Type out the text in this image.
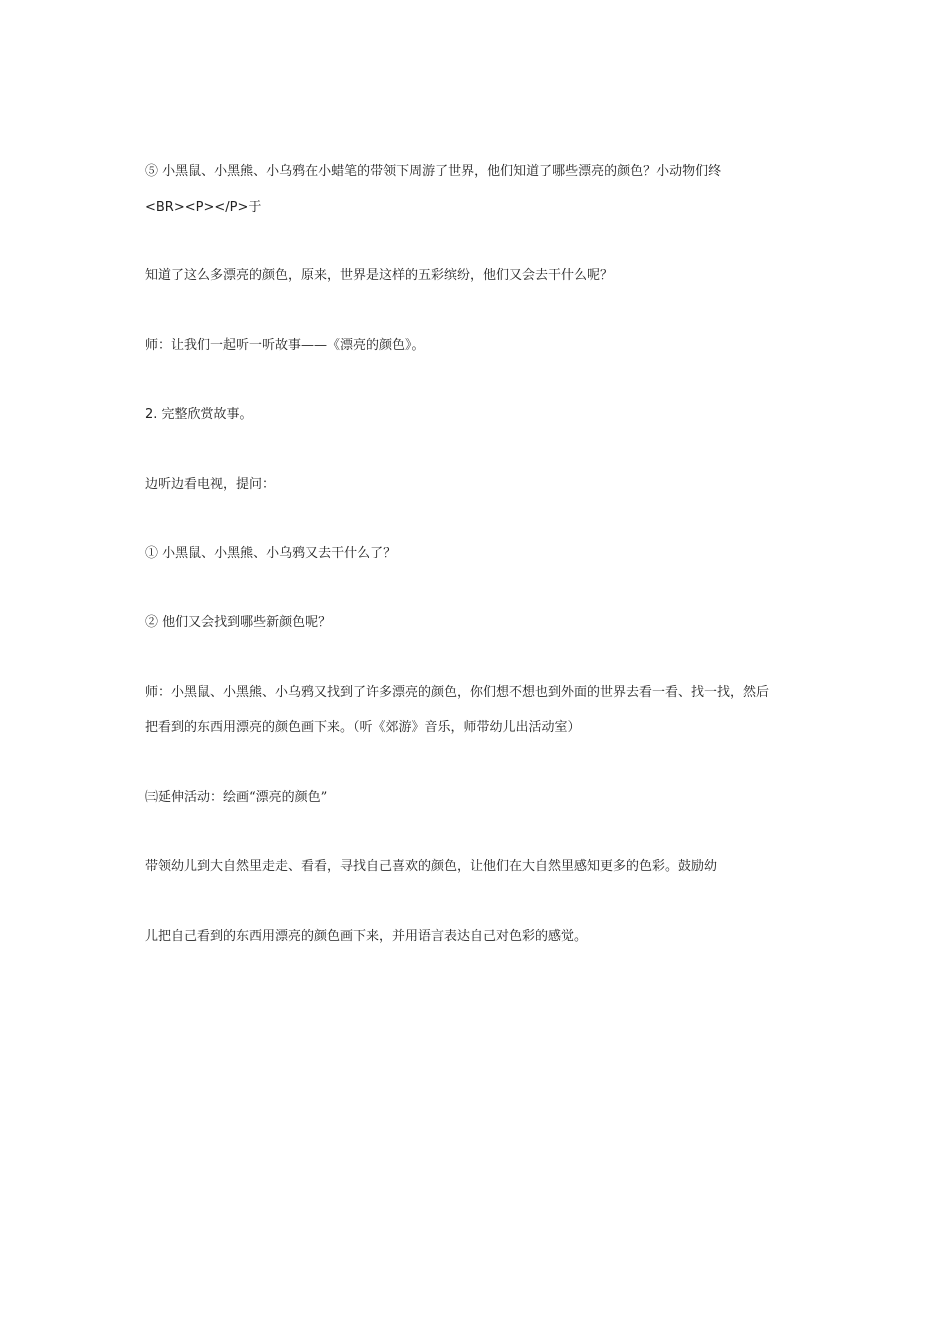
⑤ 小黑鼠、小黑熊、小乌鸦在小蜡笔的带领下周游了世界，他们知道了哪些漂亮的颜色？小动物们终
<BR><P></P>于
知道了这么多漂亮的颜色，原来，世界是这样的五彩缤纷，他们又会去干什么呢？
师：让我们一起听一听故事——《漂亮的颜色》。
2. 完整欣赏故事。
边听边看电视，提问：
① 小黑鼠、小黑熊、小乌鸦又去干什么了？
② 他们又会找到哪些新颜色呢？
师：小黑鼠、小黑熊、小乌鸦又找到了许多漂亮的颜色，你们想不想也到外面的世界去看一看、找一找，然后
把看到的东西用漂亮的颜色画下来。（听《郊游》音乐，师带幼儿出活动室）
㈢延伸活动：绘画“漂亮的颜色”
带领幼儿到大自然里走走、看看，寻找自己喜欢的颜色，让他们在大自然里感知更多的色彩。鼓励幼
儿把自己看到的东西用漂亮的颜色画下来，并用语言表达自己对色彩的感觉。
